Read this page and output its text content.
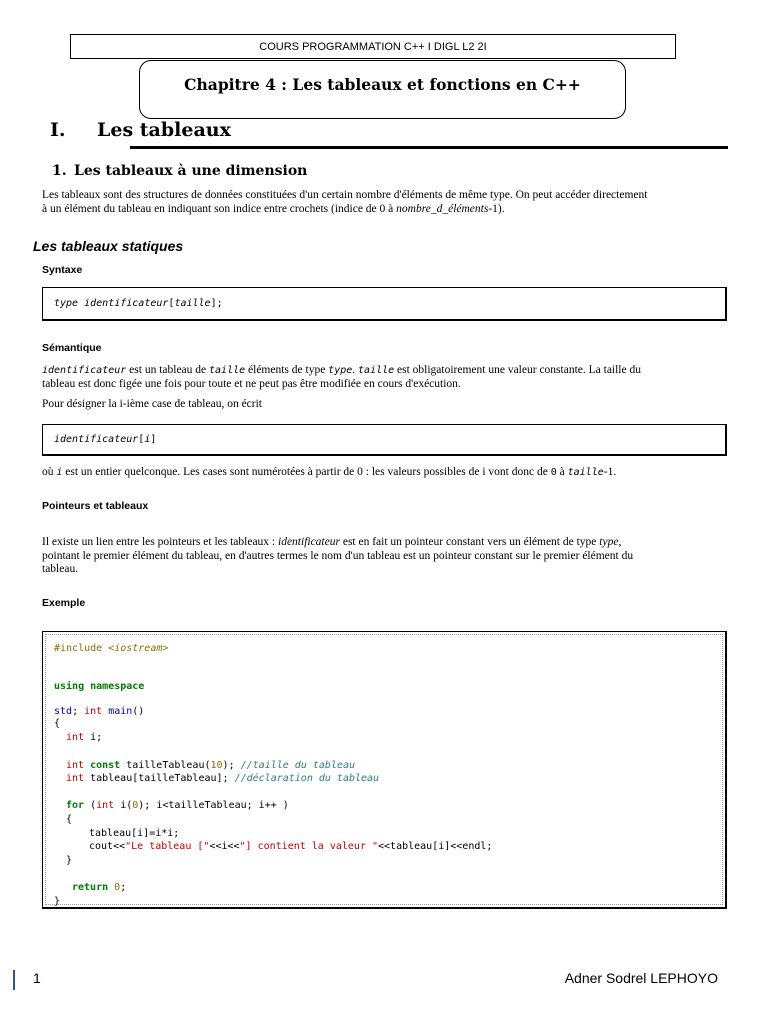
COURS PROGRAMMATION C++ I DIGL L2 2I
Chapitre 4 : Les tableaux et fonctions en C++
I. Les tableaux
1. Les tableaux à une dimension
Les tableaux sont des structures de données constituées d'un certain nombre d'éléments de même type. On peut accéder directement
à un élément du tableau en indiquant son indice entre crochets (indice de 0 à nombre_d_éléments-1).
Les tableaux statiques
Syntaxe
type identificateur[taille];
Sémantique
identificateur est un tableau de taille éléments de type type. taille est obligatoirement une valeur constante. La taille du
tableau est donc figée une fois pour toute et ne peut pas être modifiée en cours d'exécution.
Pour désigner la i-ième case de tableau, on écrit
identificateur[i]
où i est un entier quelconque. Les cases sont numérotées à partir de 0 : les valeurs possibles de i vont donc de 0 à taille-1.
Pointeurs et tableaux
Il existe un lien entre les pointeurs et les tableaux : identificateur est en fait un pointeur constant vers un élément de type type,
pointant le premier élément du tableau, en d'autres termes le nom d'un tableau est un pointeur constant sur le premier élément du
tableau.
Exemple
#include <iostream>
using namespace
std; int main()
{
int i;
int const tailleTableau(10); //taille du tableau
int tableau[tailleTableau]; //déclaration du tableau
for (int i(0); i<tailleTableau; i++ )
{
tableau[i]=i*i;
cout<<"Le tableau ["<<i<<"] contient la valeur "<<tableau[i]<<endl;
}
return 0;
}
1	Adner Sodrel LEPHOYO
